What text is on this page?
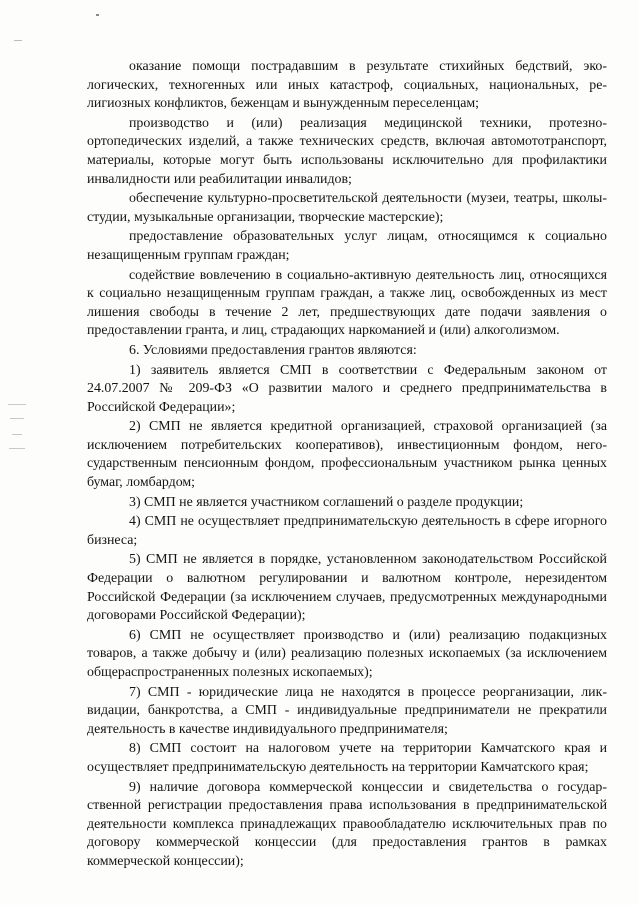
оказание помощи пострадавшим в результате стихийных бедствий, экологических, техногенных или иных катастроф, социальных, национальных, религиозных конфликтов, беженцам и вынужденным переселенцам;

производство и (или) реализация медицинской техники, протезно-ортопедических изделий, а также технических средств, включая автомототранспорт, материалы, которые могут быть использованы исключительно для профилактики инвалидности или реабилитации инвалидов;

обеспечение культурно-просветительской деятельности (музеи, театры, школы-студии, музыкальные организации, творческие мастерские);

предоставление образовательных услуг лицам, относящимся к социально незащищенным группам граждан;

содействие вовлечению в социально-активную деятельность лиц, относящихся к социально незащищенным группам граждан, а также лиц, освобожденных из мест лишения свободы в течение 2 лет, предшествующих дате подачи заявления о предоставлении гранта, и лиц, страдающих наркоманией и (или) алкоголизмом.

6. Условиями предоставления грантов являются:

1) заявитель является СМП в соответствии с Федеральным законом от 24.07.2007 № 209-ФЗ «О развитии малого и среднего предпринимательства в Российской Федерации»;

2) СМП не является кредитной организацией, страховой организацией (за исключением потребительских кооперативов), инвестиционным фондом, негосударственным пенсионным фондом, профессиональным участником рынка ценных бумаг, ломбардом;

3) СМП не является участником соглашений о разделе продукции;

4) СМП не осуществляет предпринимательскую деятельность в сфере игорного бизнеса;

5) СМП не является в порядке, установленном законодательством Российской Федерации о валютном регулировании и валютном контроле, нерезидентом Российской Федерации (за исключением случаев, предусмотренных международными договорами Российской Федерации);

6) СМП не осуществляет производство и (или) реализацию подакцизных товаров, а также добычу и (или) реализацию полезных ископаемых (за исключением общераспространенных полезных ископаемых);

7) СМП - юридические лица не находятся в процессе реорганизации, ликвидации, банкротства, а СМП - индивидуальные предприниматели не прекратили деятельность в качестве индивидуального предпринимателя;

8) СМП состоит на налоговом учете на территории Камчатского края и осуществляет предпринимательскую деятельность на территории Камчатского края;

9) наличие договора коммерческой концессии и свидетельства о государственной регистрации предоставления права использования в предпринимательской деятельности комплекса принадлежащих правообладателю исключительных прав по договору коммерческой концессии (для предоставления грантов в рамках коммерческой концессии);
